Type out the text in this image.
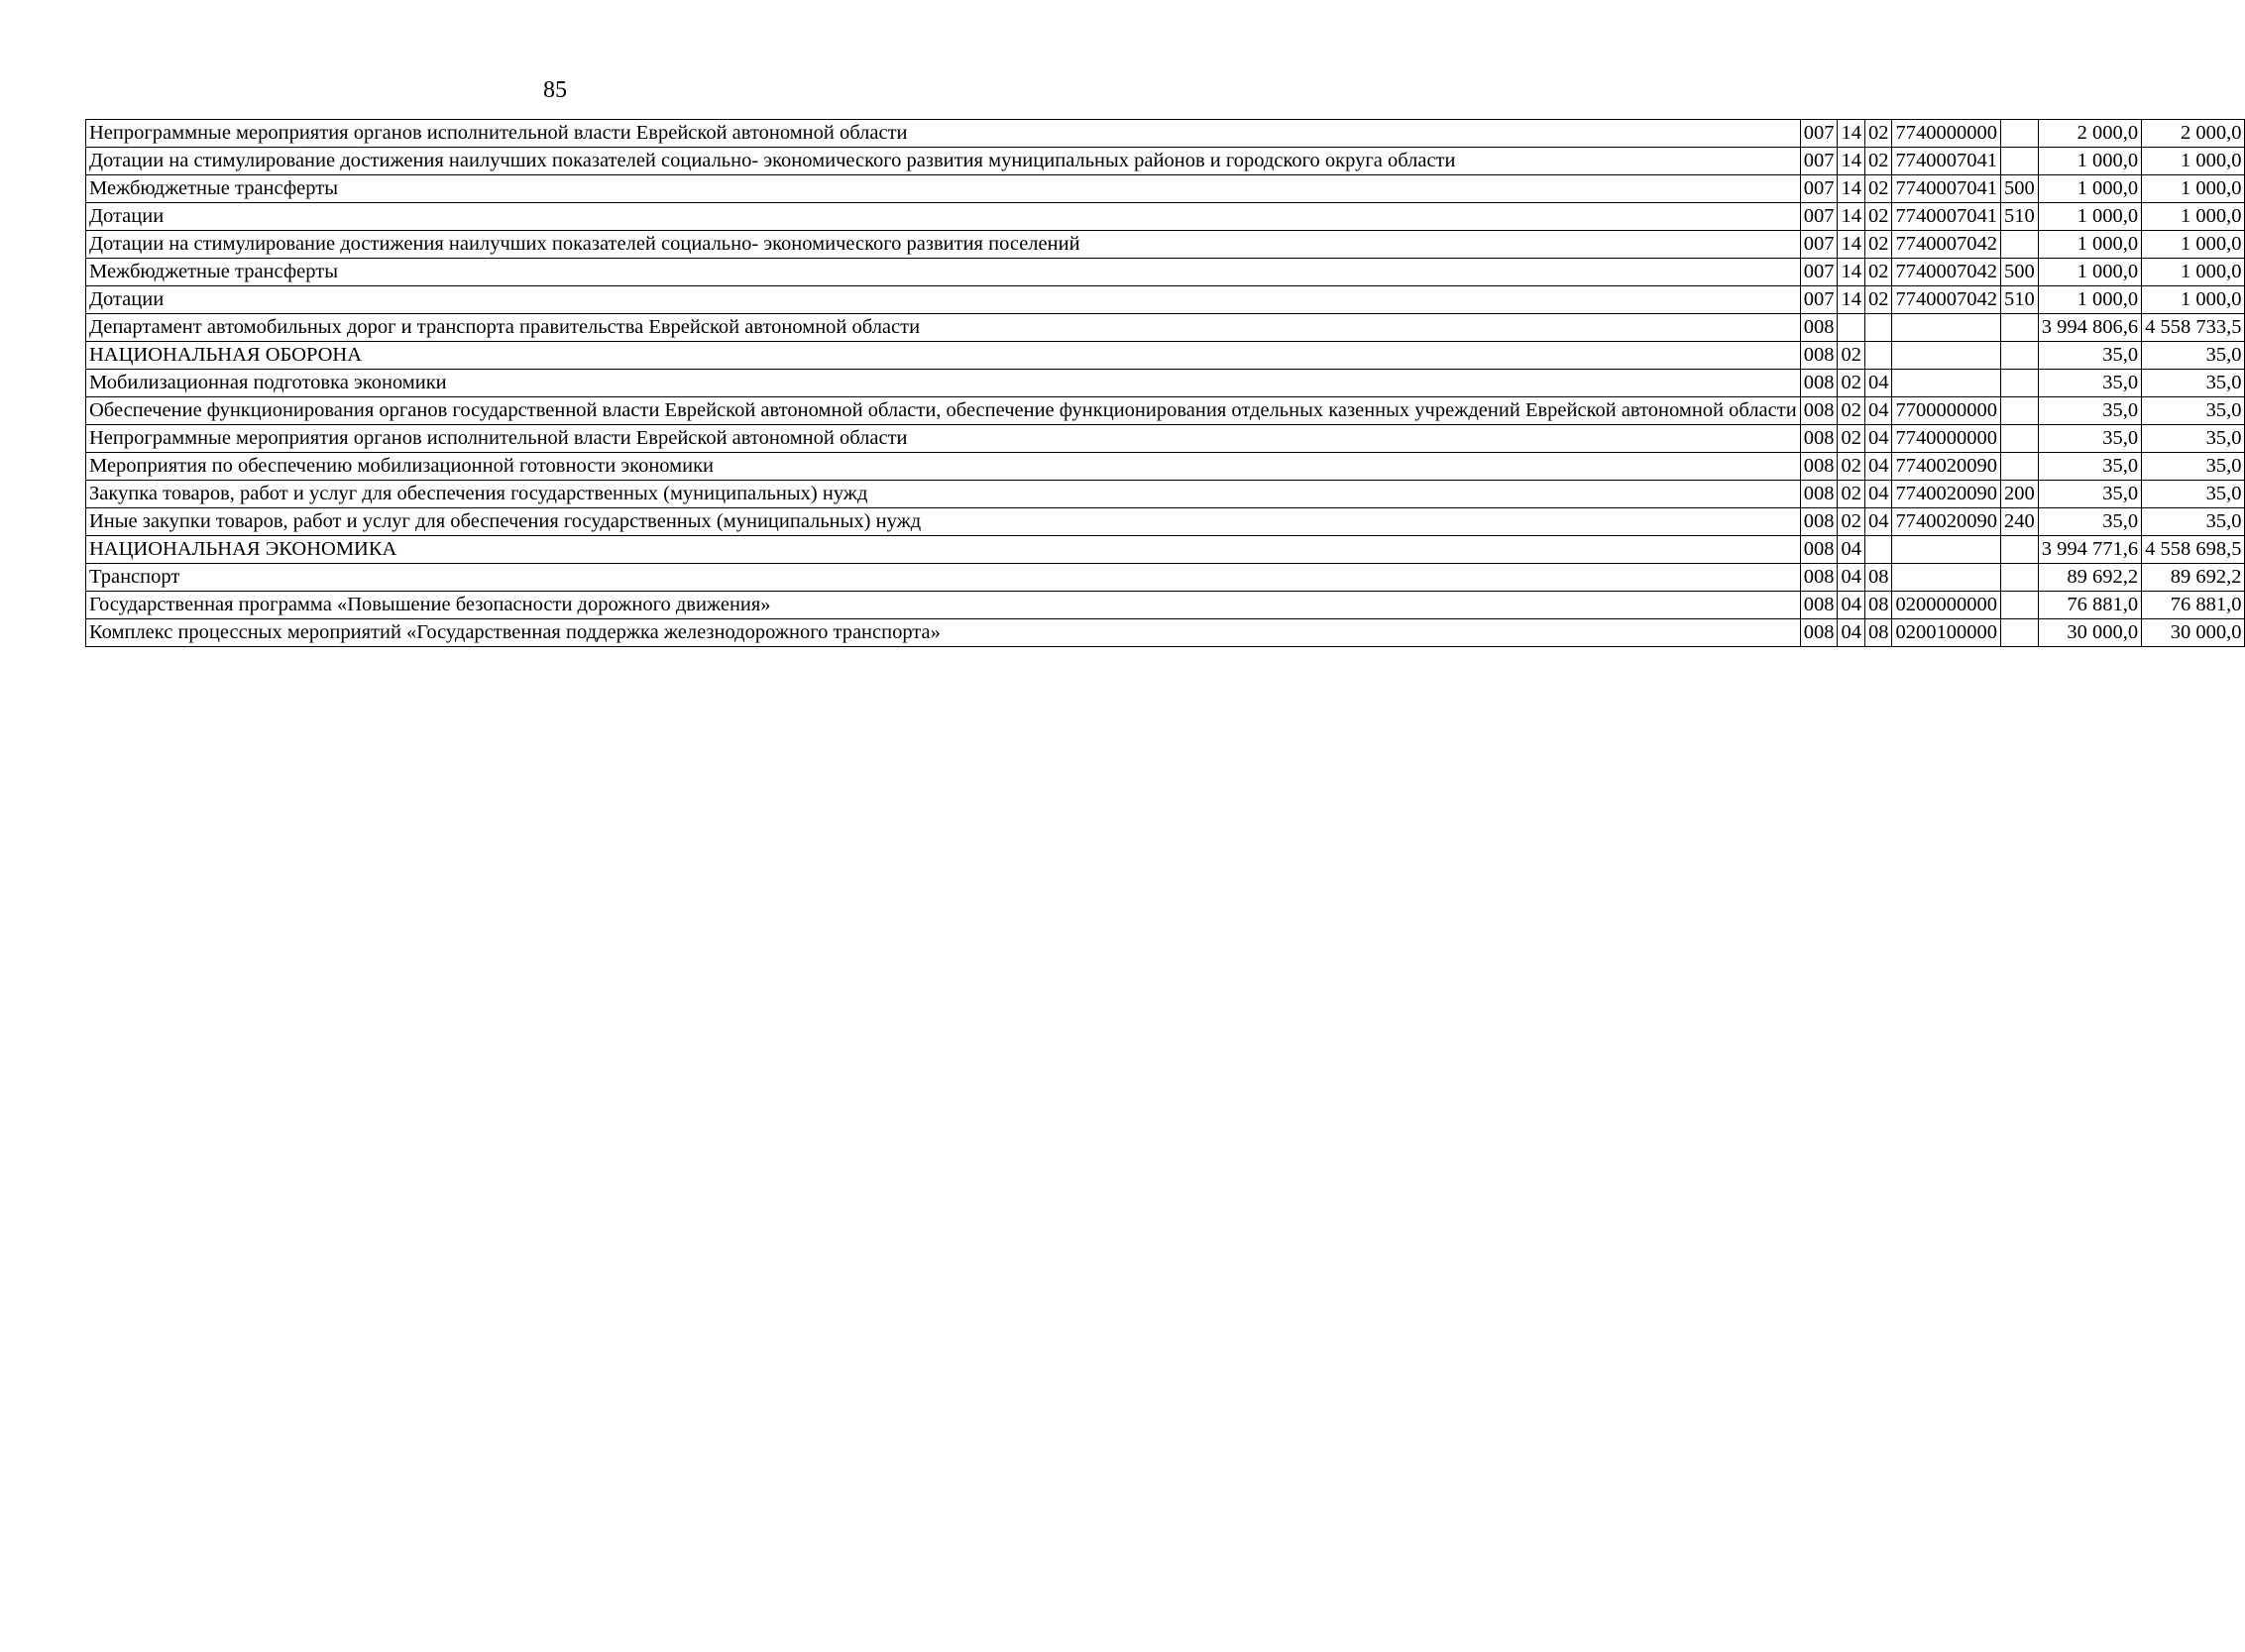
85
Непрограммные мероприятия органов исполнительной власти Еврейской автономной области	007	14	02	7740000000		2 000,0	2 000,0
Дотации на стимулирование достижения наилучших показателей социально- экономического развития муниципальных районов и городского округа области	007	14	02	7740007041		1 000,0	1 000,0
Межбюджетные трансферты	007	14	02	7740007041	500	1 000,0	1 000,0
Дотации	007	14	02	7740007041	510	1 000,0	1 000,0
Дотации на стимулирование достижения наилучших показателей социально- экономического развития поселений	007	14	02	7740007042		1 000,0	1 000,0
Межбюджетные трансферты	007	14	02	7740007042	500	1 000,0	1 000,0
Дотации	007	14	02	7740007042	510	1 000,0	1 000,0
Департамент автомобильных дорог и транспорта правительства Еврейской автономной области	008					3 994 806,6	4 558 733,5
НАЦИОНАЛЬНАЯ ОБОРОНА	008	02				35,0	35,0
Мобилизационная подготовка экономики	008	02	04			35,0	35,0
Обеспечение функционирования органов государственной власти Еврейской автономной области, обеспечение функционирования отдельных казенных учреждений Еврейской автономной области	008	02	04	7700000000		35,0	35,0
Непрограммные мероприятия органов исполнительной власти Еврейской автономной области	008	02	04	7740000000		35,0	35,0
Мероприятия по обеспечению мобилизационной готовности экономики	008	02	04	7740020090		35,0	35,0
Закупка товаров, работ и услуг для обеспечения государственных (муниципальных) нужд	008	02	04	7740020090	200	35,0	35,0
Иные закупки товаров, работ и услуг для обеспечения государственных (муниципальных) нужд	008	02	04	7740020090	240	35,0	35,0
НАЦИОНАЛЬНАЯ ЭКОНОМИКА	008	04				3 994 771,6	4 558 698,5
Транспорт	008	04	08			89 692,2	89 692,2
Государственная программа «Повышение безопасности дорожного движения»	008	04	08	0200000000		76 881,0	76 881,0
Комплекс процессных мероприятий «Государственная поддержка железнодорожного транспорта»	008	04	08	0200100000		30 000,0	30 000,0
